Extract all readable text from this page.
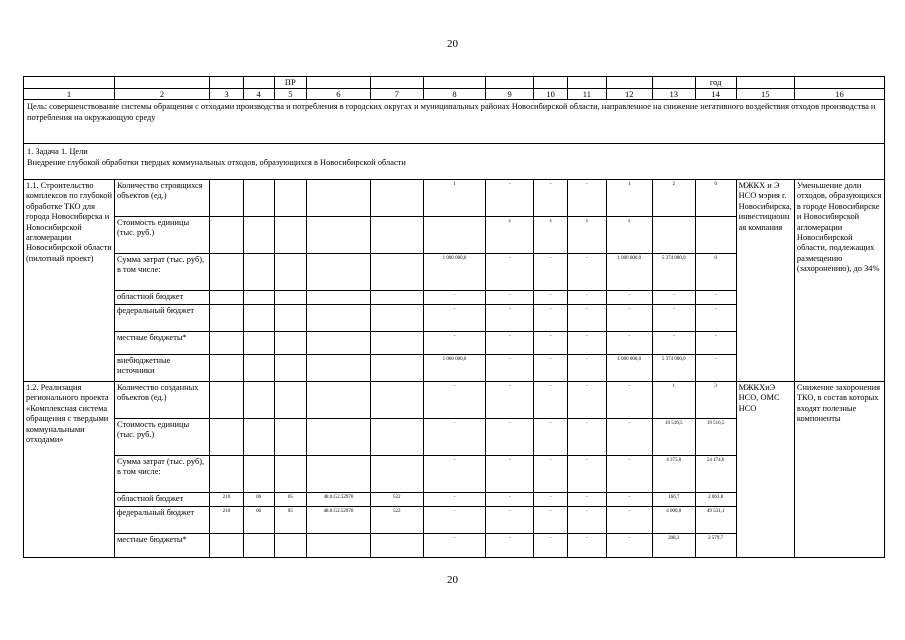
20
				ПР									год		
1	2	3	4	5	6	7	8	9	10	11	12	13	14	15	16
Цель: совершенствование системы обращения с отходами производства и потребления в городских округах и муниципальных районах Новосибирской области, направленное на снижение негативного воздействия отходов производства и потребления на окружающую среду															

1. Задача 1. Цели
Внедрение глубокой обработки твердых коммунальных отходов, образующихся в Новосибирской области															

1.1. Строительство комплексов по глубокой обработке ТКО для города Новосибирска и Новосибирской агломерации Новосибирской области (пилотный проект)	Количество строящихся объектов (ед.)						1	-	-	-	1	2	0	МЖКХ и Э НСО мэрия г. Новосибирска, инвестиционная компания	Уменьшение доли отходов, образующихся в городе Новосибирске и Новосибирской агломерации Новосибирской области, подлежащих размещению (захоронению), до 34%
	Стоимость единицы (тыс. руб.)							x	x	x	x				
	Сумма затрат (тыс. руб), в том числе:						1 000 000,0	-	-	-	1 000 000,0	5 374 000,0	0		
	областной бюджет						-	-	-	-	-	-	-		
	федеральный бюджет						-	-	-	-	-	-	-		
	местные бюджеты*						-	-	-	-	-	-	-		
	внебюджетные источники						1 000 000,0	-	-	-	1 000 000,0	5 374 000,0	-		
1.2. Реализация регионального проекта «Комплексная система обращения с твердыми коммунальными отходами»	Количество созданных объектов (ед.)						-	-	-	-	-	1	3	МЖКХиЭ НСО, ОМС НСО	Снижение захоронения ТКО, в состав которых входят полезные компоненты
	Стоимость единицы (тыс. руб.)						-	-	-	-	-	19 516,5	19 516,5		
	Сумма затрат (тыс. руб), в том числе:						-	-	-	-	-	4 375,0	54 174,6		
	областной бюджет	210	06	05	48.0.G2.52970	522	-	-	-	-	-	166,7	2 063,8		
	федеральный бюджет	210	06	05	48.0.G2.52970	522	-	-	-	-	-	4 000,0	49 531,1		
	местные бюджеты*						-	-	-	-	-	208,3	2 579,7		
20
